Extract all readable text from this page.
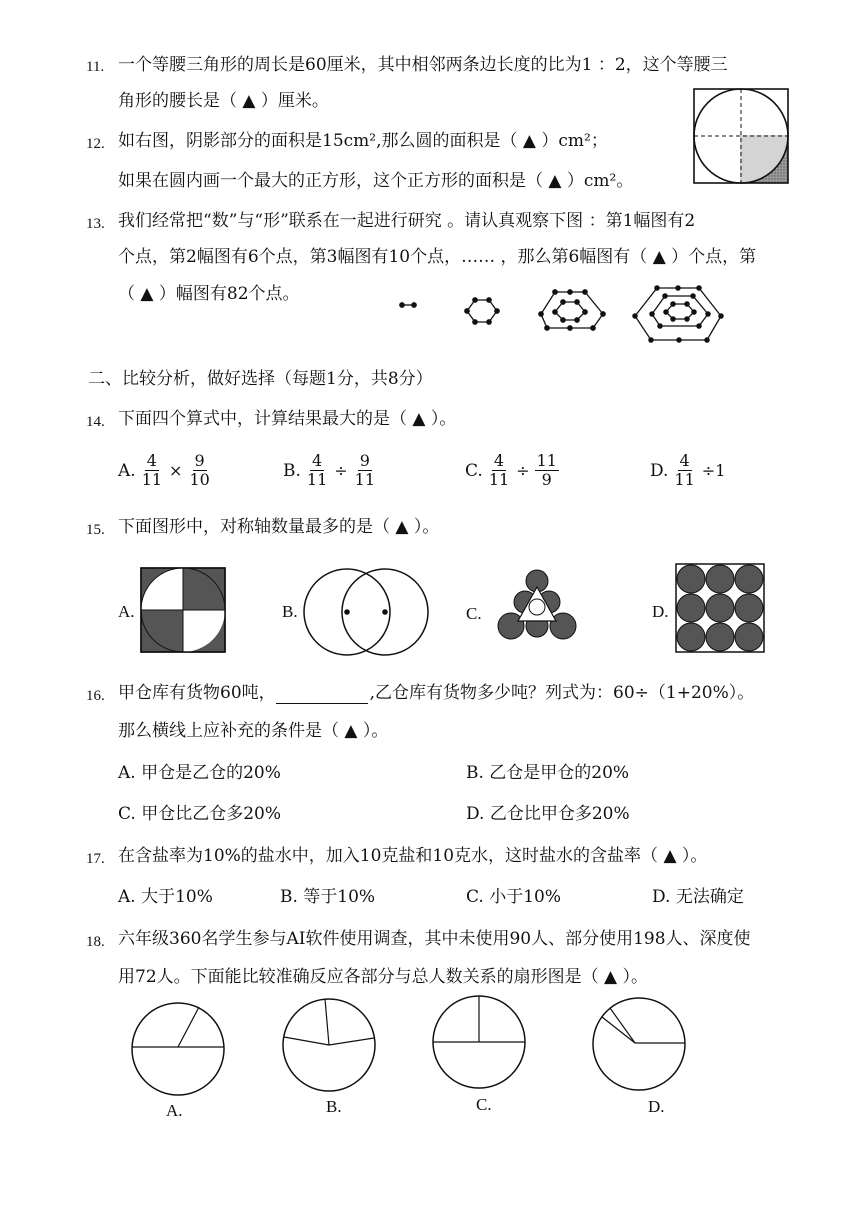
11. 一个等腰三角形的周长是60厘米，其中相邻两条边长度的比为1 ：2，这个等腰三
角形的腰长是（ ▲ ）厘米。
12. 如右图，阴影部分的面积是15cm²,那么圆的面积是（ ▲ ）cm²；
如果在圆内画一个最大的正方形，这个正方形的面积是（ ▲ ）cm²。
13. 我们经常把“数”与“形”联系在一起进行研究 。请认真观察下图 ：第1幅图有2
个点，第2幅图有6个点，第3幅图有10个点，…… ，那么第6幅图有（ ▲ ）个点，第
（ ▲ ）幅图有82个点。
二、比较分析，做好选择（每题1分，共8分）
14. 下面四个算式中，计算结果最大的是（ ▲ ）。
A. $\frac{4}{11} \times \frac{9}{10}$	B. $\frac{4}{11} \div \frac{9}{11}$	C. $\frac{4}{11} \div \frac{11}{9}$	D. $\frac{4}{11} \div 1$
15. 下面图形中，对称轴数量最多的是（ ▲ ）。
A.	B.	C.	D.
16. 甲仓库有货物60吨，	,乙仓库有货物多少吨？列式为：60÷（1+20%）。
那么横线上应补充的条件是（ ▲ ）。
A. 甲仓是乙仓的20%	B. 乙仓是甲仓的20%
C. 甲仓比乙仓多20%	D. 乙仓比甲仓多20%
17. 在含盐率为10%的盐水中，加入10克盐和10克水，这时盐水的含盐率（ ▲ ）。
A. 大于10%	B. 等于10%	C. 小于10%	D. 无法确定
18. 六年级360名学生参与AI软件使用调查，其中未使用90人、部分使用198人、深度使
用72人。下面能比较准确反应各部分与总人数关系的扇形图是（ ▲ ）。
A.	B.	C.	D.
